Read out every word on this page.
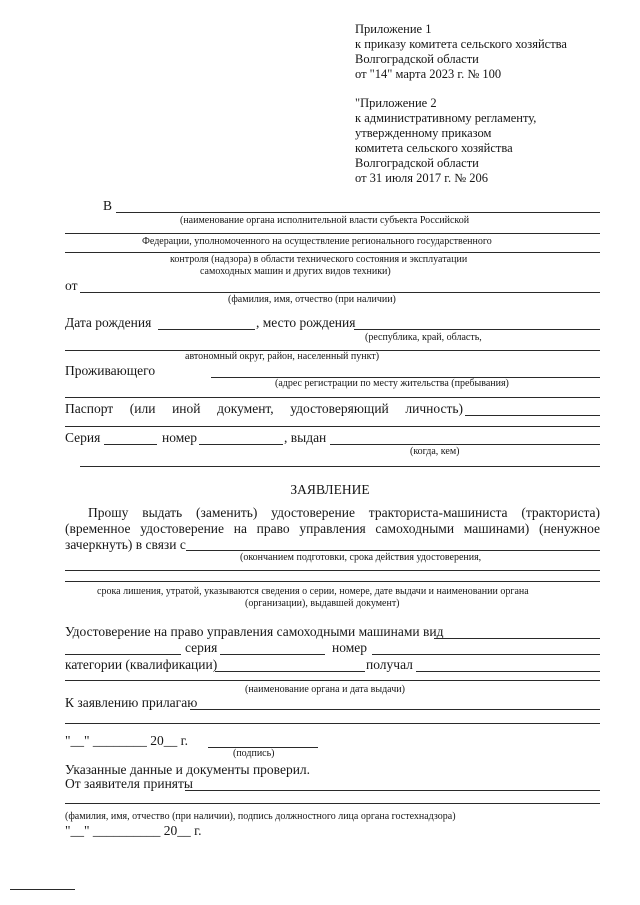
Приложение 1
к приказу комитета сельского хозяйства
Волгоградской области
от "14" марта 2023 г. № 100
"Приложение 2
к административному регламенту,
утвержденному приказом
комитета сельского хозяйства
Волгоградской области
от 31 июля 2017 г. № 206
В
(наименование органа исполнительной власти субъекта Российской
Федерации, уполномоченного на осуществление регионального государственного
контроля (надзора) в области технического состояния и эксплуатации
самоходных машин и других видов техники)
от
(фамилия, имя, отчество (при наличии)
Дата рождения	, место рождения
(республика, край, область,
автономный округ, район, населенный пункт)
Проживающего
(адрес регистрации по месту жительства (пребывания)
Паспорт (или иной документ, удостоверяющий личность)
Серия	номер	, выдан
(когда, кем)
ЗАЯВЛЕНИЕ
Прошу выдать (заменить) удостоверение тракториста-машиниста (тракториста)
(временное удостоверение на право управления самоходными машинами) (ненужное
зачеркнуть) в связи с
(окончанием подготовки, срока действия удостоверения,
срока лишения, утратой, указываются сведения о серии, номере, дате выдачи и наименовании органа
(организации), выдавшей документ)
Удостоверение на право управления самоходными машинами вид
серия	номер
категории (квалификации)	получал
(наименование органа и дата выдачи)
К заявлению прилагаю
"__" ________ 20__ г.
(подпись)
Указанные данные и документы проверил.
От заявителя приняты
(фамилия, имя, отчество (при наличии), подпись должностного лица органа гостехнадзора)
"__" __________ 20__ г.
